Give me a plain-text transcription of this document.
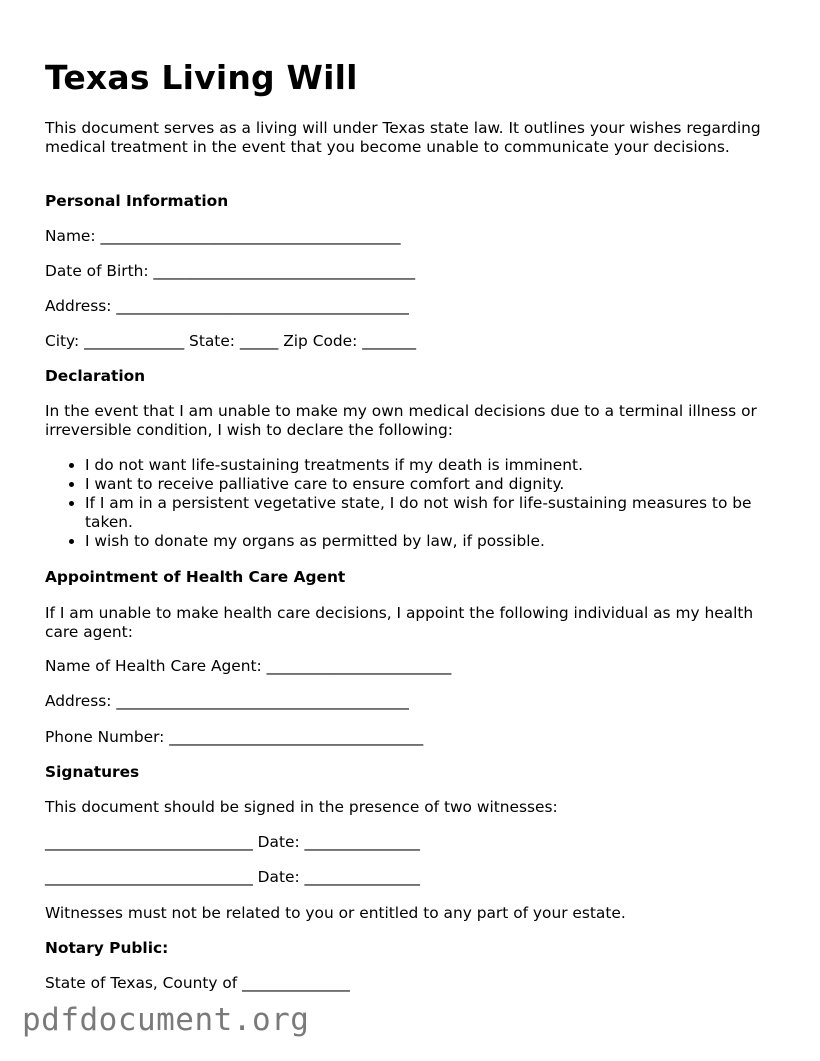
Texas Living Will

This document serves as a living will under Texas state law. It outlines your wishes regarding medical treatment in the event that you become unable to communicate your decisions.

Personal Information
Name: _______________________________________
Date of Birth: __________________________________
Address: ______________________________________
City: _____________ State: _____ Zip Code: _______
Declaration

In the event that I am unable to make my own medical decisions due to a terminal illness or irreversible condition, I wish to declare the following:

• I do not want life-sustaining treatments if my death is imminent.
• I want to receive palliative care to ensure comfort and dignity.
• If I am in a persistent vegetative state, I do not wish for life-sustaining measures to be taken.
• I wish to donate my organs as permitted by law, if possible.
Appointment of Health Care Agent

If I am unable to make health care decisions, I appoint the following individual as my health care agent:

Name of Health Care Agent: ________________________
Address: ______________________________________
Phone Number: _________________________________
Signatures
This document should be signed in the presence of two witnesses:
___________________________ Date: _______________
___________________________ Date: _______________
Witnesses must not be related to you or entitled to any part of your estate.
Notary Public:
State of Texas, County of ______________
pdfdocument.org
